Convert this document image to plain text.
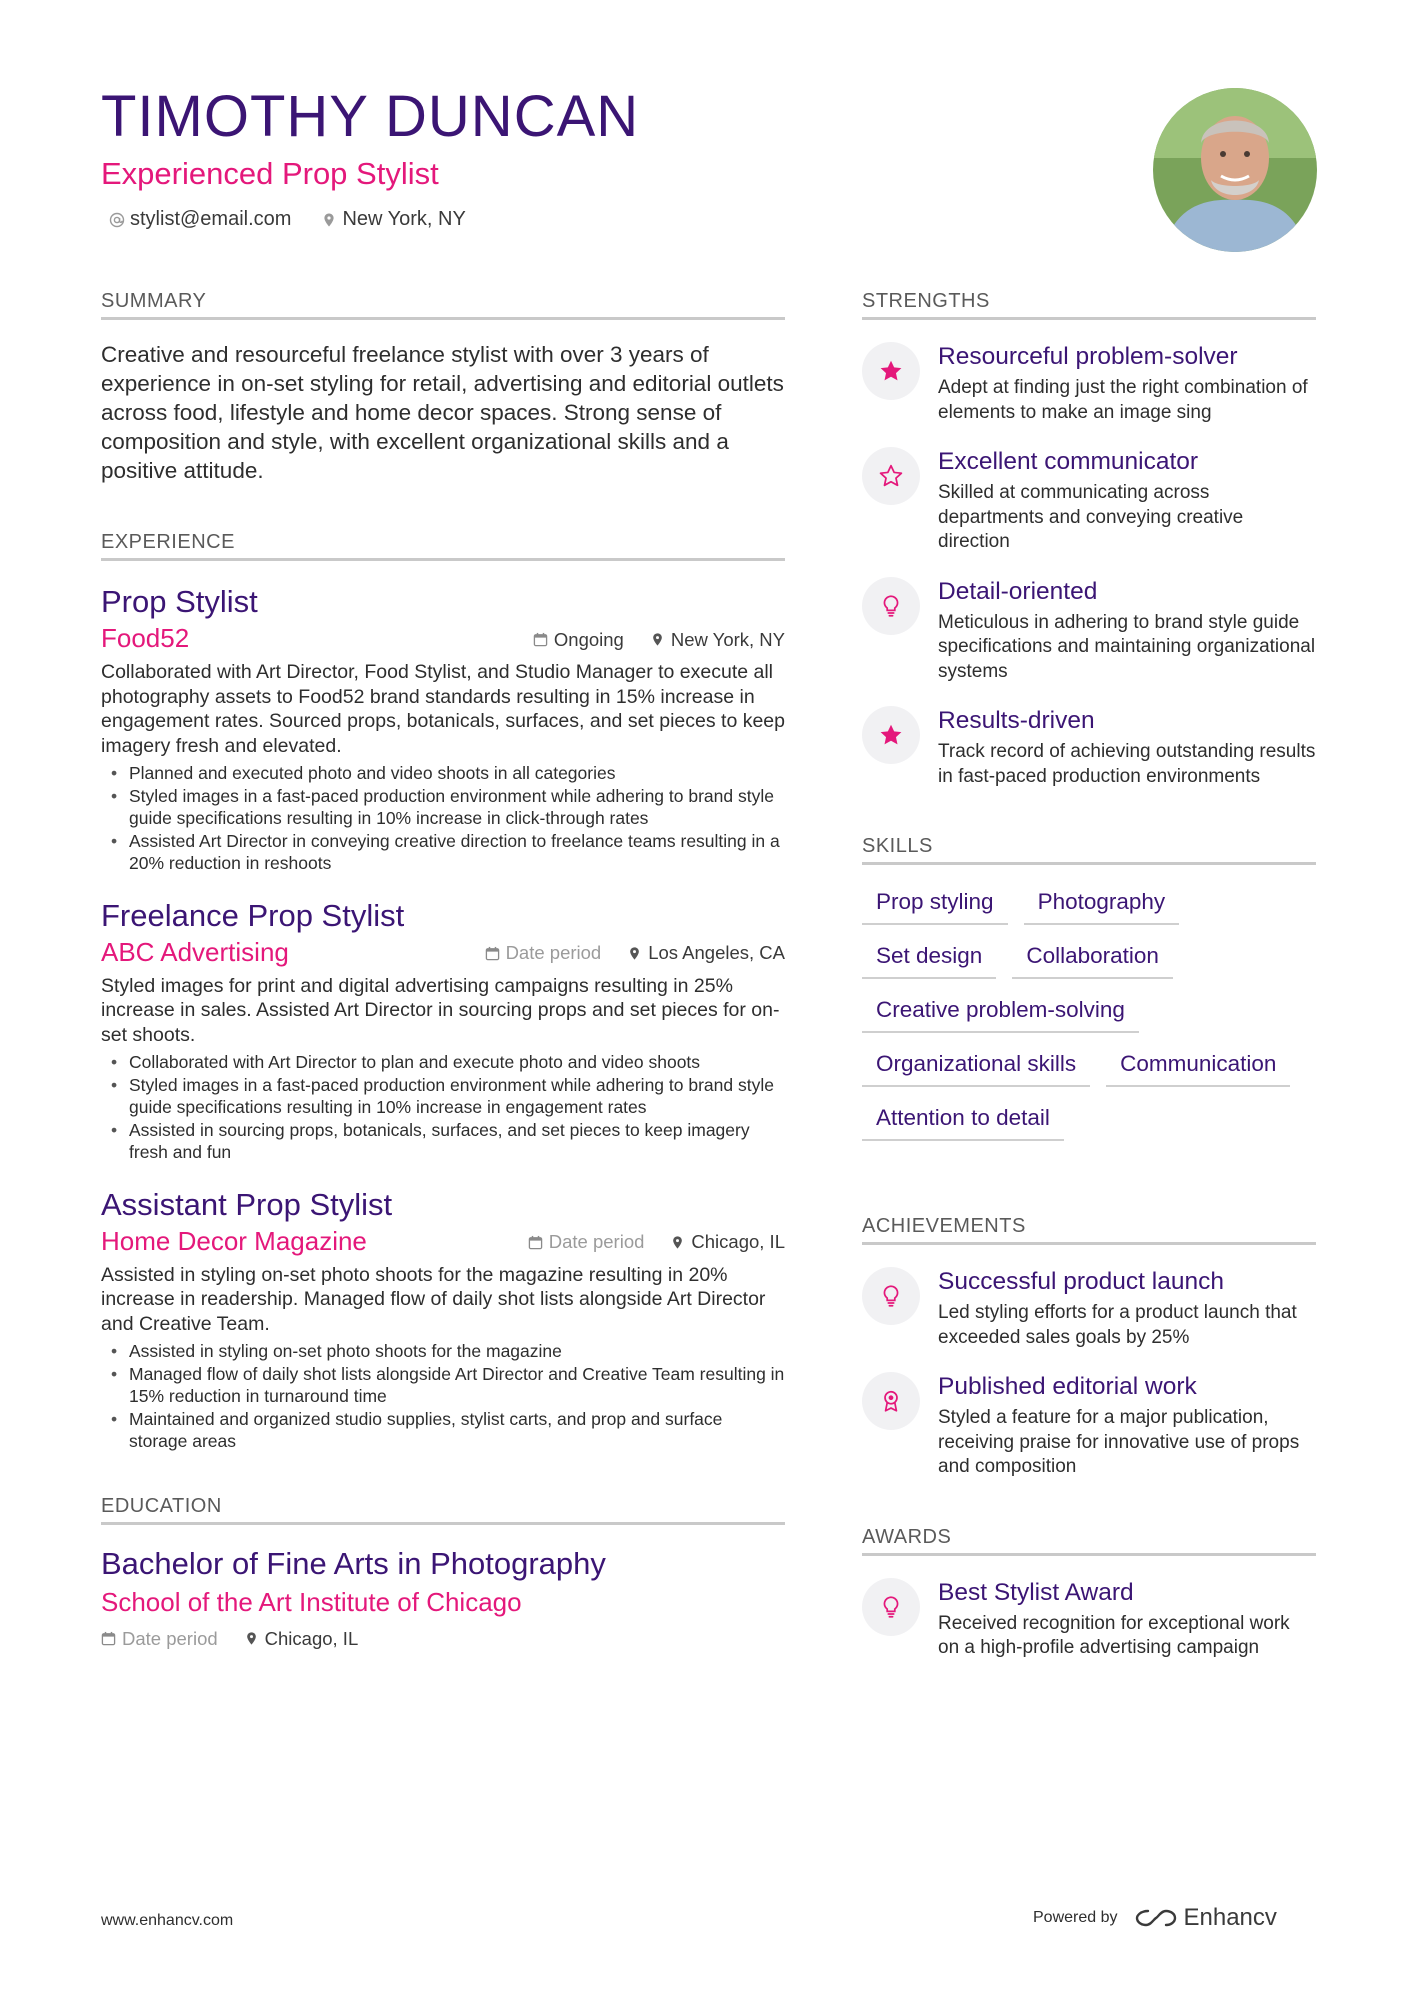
TIMOTHY DUNCAN
Experienced Prop Stylist
stylist@email.com	New York, NY
SUMMARY
Creative and resourceful freelance stylist with over 3 years of experience in on-set styling for retail, advertising and editorial outlets across food, lifestyle and home decor spaces. Strong sense of composition and style, with excellent organizational skills and a positive attitude.
EXPERIENCE
Prop Stylist
Food52	Ongoing	New York, NY
Collaborated with Art Director, Food Stylist, and Studio Manager to execute all photography assets to Food52 brand standards resulting in 15% increase in engagement rates. Sourced props, botanicals, surfaces, and set pieces to keep imagery fresh and elevated.
• Planned and executed photo and video shoots in all categories
• Styled images in a fast-paced production environment while adhering to brand style guide specifications resulting in 10% increase in click-through rates
• Assisted Art Director in conveying creative direction to freelance teams resulting in a 20% reduction in reshoots
Freelance Prop Stylist
ABC Advertising	Date period	Los Angeles, CA
Styled images for print and digital advertising campaigns resulting in 25% increase in sales. Assisted Art Director in sourcing props and set pieces for on-set shoots.
• Collaborated with Art Director to plan and execute photo and video shoots
• Styled images in a fast-paced production environment while adhering to brand style guide specifications resulting in 10% increase in engagement rates
• Assisted in sourcing props, botanicals, surfaces, and set pieces to keep imagery fresh and fun
Assistant Prop Stylist
Home Decor Magazine	Date period	Chicago, IL
Assisted in styling on-set photo shoots for the magazine resulting in 20% increase in readership. Managed flow of daily shot lists alongside Art Director and Creative Team.
• Assisted in styling on-set photo shoots for the magazine
• Managed flow of daily shot lists alongside Art Director and Creative Team resulting in 15% reduction in turnaround time
• Maintained and organized studio supplies, stylist carts, and prop and surface storage areas
EDUCATION
Bachelor of Fine Arts in Photography
School of the Art Institute of Chicago
Date period	Chicago, IL
STRENGTHS
Resourceful problem-solver
Adept at finding just the right combination of elements to make an image sing
Excellent communicator
Skilled at communicating across departments and conveying creative direction
Detail-oriented
Meticulous in adhering to brand style guide specifications and maintaining organizational systems
Results-driven
Track record of achieving outstanding results in fast-paced production environments
SKILLS
Prop styling	Photography
Set design	Collaboration
Creative problem-solving
Organizational skills	Communication
Attention to detail
ACHIEVEMENTS
Successful product launch
Led styling efforts for a product launch that exceeded sales goals by 25%
Published editorial work
Styled a feature for a major publication, receiving praise for innovative use of props and composition
AWARDS
Best Stylist Award
Received recognition for exceptional work on a high-profile advertising campaign
www.enhancv.com	Powered by	Enhancv
